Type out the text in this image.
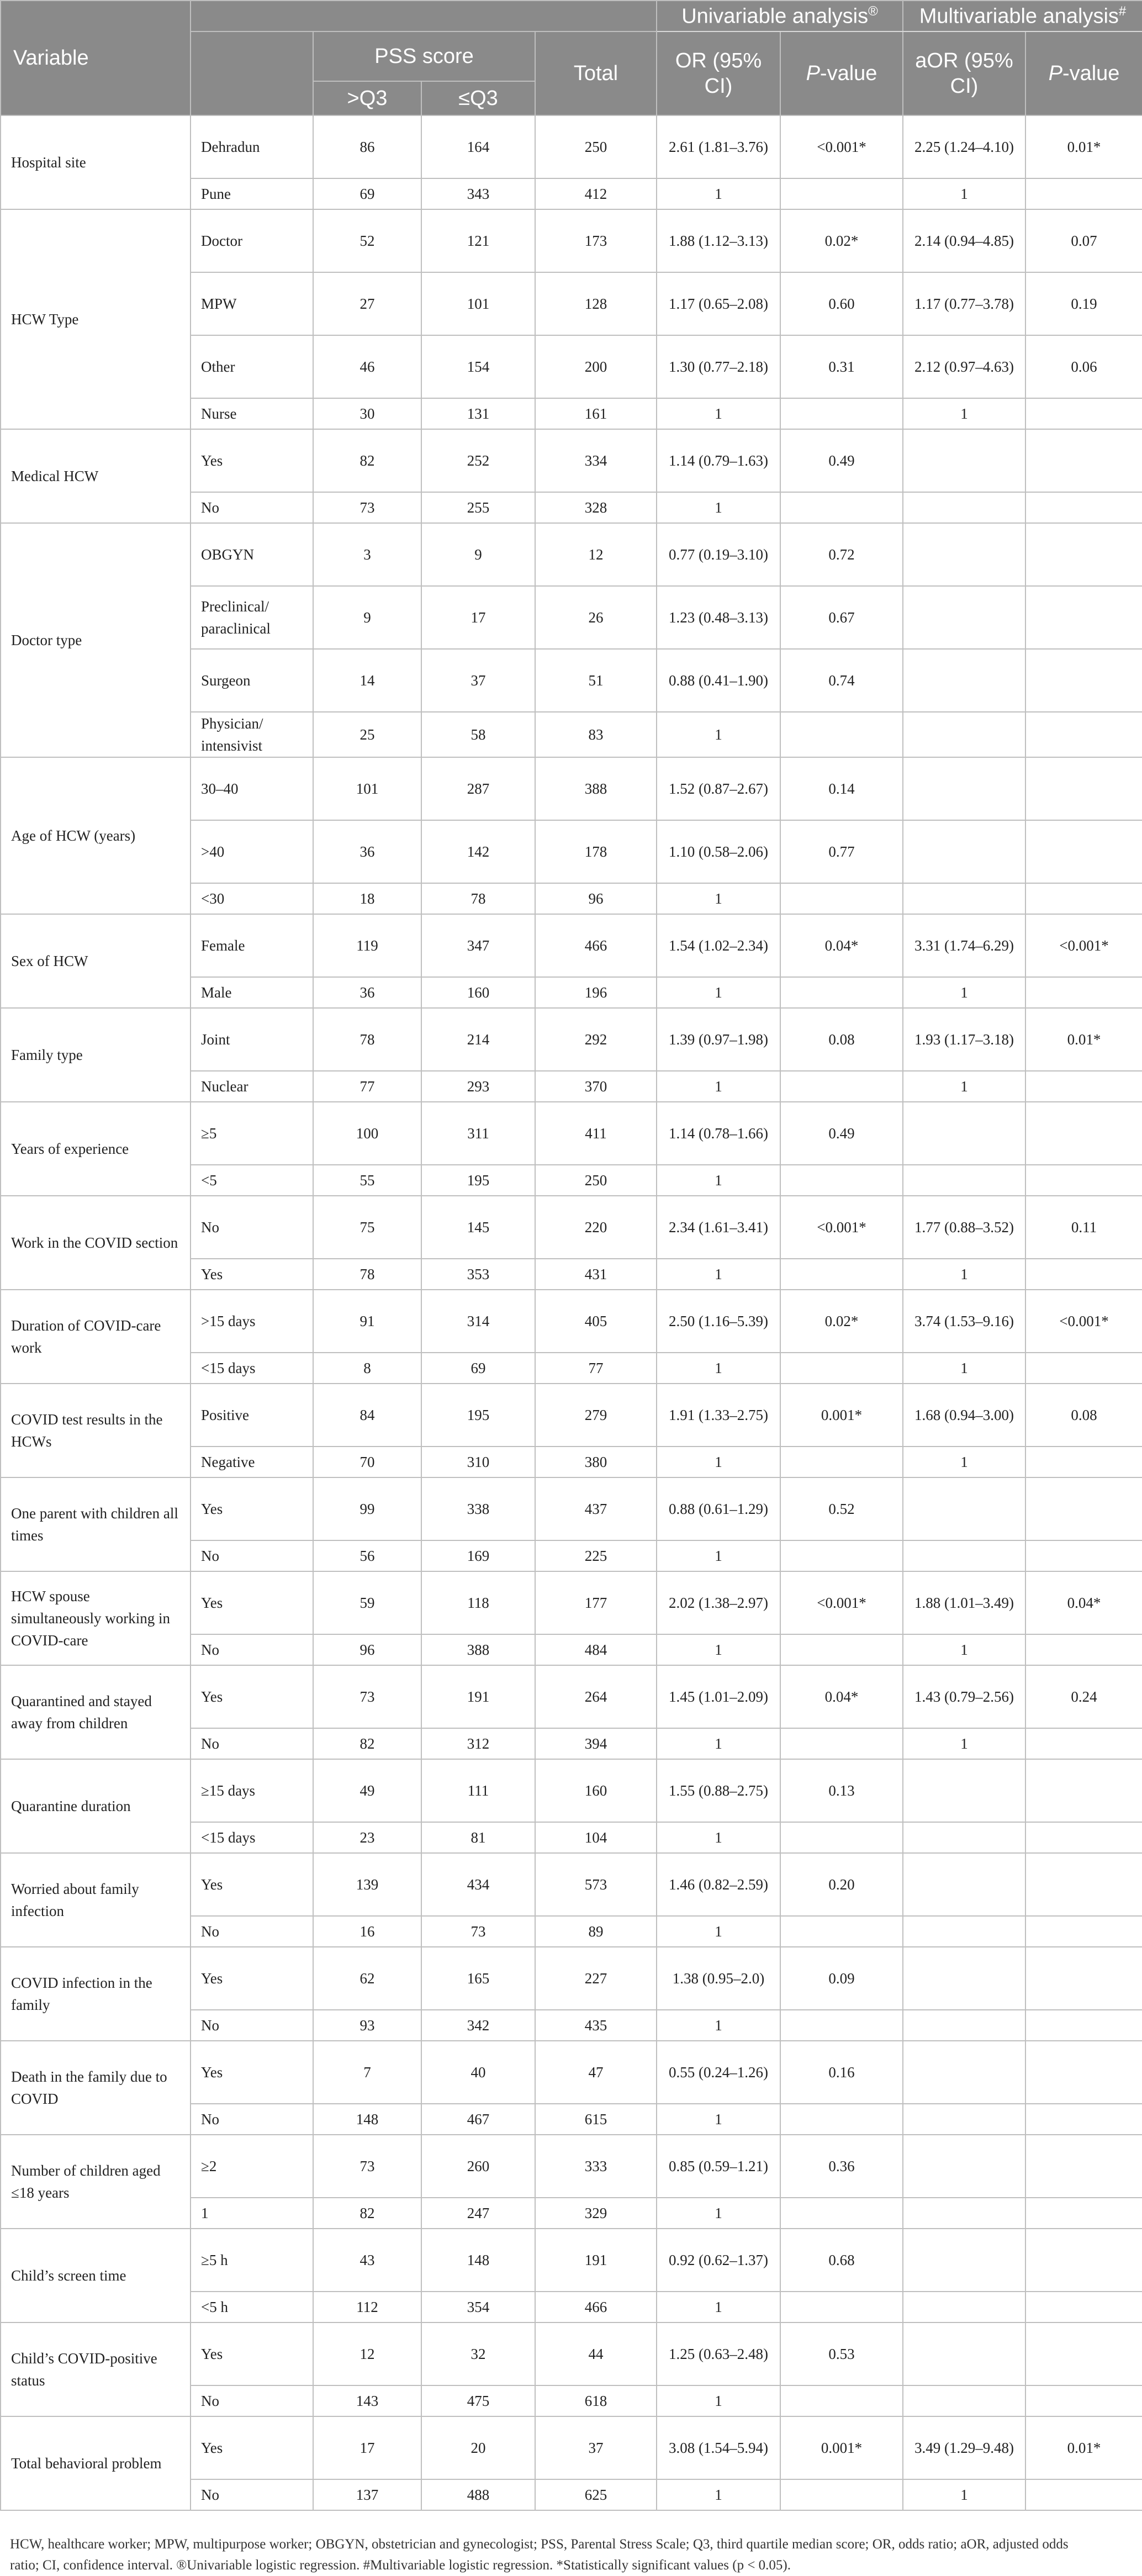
Variable					Univariable analysis®		Multivariable analysis#
		PSS score		Total	OR (95% CI)	P-value	aOR (95% CI)	P-value
		>Q3	≤Q3					
Hospital site	Dehradun	86	164	250	2.61 (1.81–3.76)	<0.001*	2.25 (1.24–4.10)	0.01*
	Pune	69	343	412	1		1	
HCW Type	Doctor	52	121	173	1.88 (1.12–3.13)	0.02*	2.14 (0.94–4.85)	0.07
	MPW	27	101	128	1.17 (0.65–2.08)	0.60	1.17 (0.77–3.78)	0.19
	Other	46	154	200	1.30 (0.77–2.18)	0.31	2.12 (0.97–4.63)	0.06
	Nurse	30	131	161	1		1	
Medical HCW	Yes	82	252	334	1.14 (0.79–1.63)	0.49		
	No	73	255	328	1			
Doctor type	OBGYN	3	9	12	0.77 (0.19–3.10)	0.72		
	Preclinical/ paraclinical	9	17	26	1.23 (0.48–3.13)	0.67		
	Surgeon	14	37	51	0.88 (0.41–1.90)	0.74		
	Physician/ intensivist	25	58	83	1			
Age of HCW (years)	30–40	101	287	388	1.52 (0.87–2.67)	0.14		
	>40	36	142	178	1.10 (0.58–2.06)	0.77		
	<30	18	78	96	1			
Sex of HCW	Female	119	347	466	1.54 (1.02–2.34)	0.04*	3.31 (1.74–6.29)	<0.001*
	Male	36	160	196	1		1	
Family type	Joint	78	214	292	1.39 (0.97–1.98)	0.08	1.93 (1.17–3.18)	0.01*
	Nuclear	77	293	370	1		1	
Years of experience	≥5	100	311	411	1.14 (0.78–1.66)	0.49		
	<5	55	195	250	1			
Work in the COVID section	No	75	145	220	2.34 (1.61–3.41)	<0.001*	1.77 (0.88–3.52)	0.11
	Yes	78	353	431	1		1	
Duration of COVID-care work	>15 days	91	314	405	2.50 (1.16–5.39)	0.02*	3.74 (1.53–9.16)	<0.001*
	<15 days	8	69	77	1		1	
COVID test results in the HCWs	Positive	84	195	279	1.91 (1.33–2.75)	0.001*	1.68 (0.94–3.00)	0.08
	Negative	70	310	380	1		1	
One parent with children all times	Yes	99	338	437	0.88 (0.61–1.29)	0.52		
	No	56	169	225	1			
HCW spouse simultaneously working in COVID-care	Yes	59	118	177	2.02 (1.38–2.97)	<0.001*	1.88 (1.01–3.49)	0.04*
	No	96	388	484	1		1	
Quarantined and stayed away from children	Yes	73	191	264	1.45 (1.01–2.09)	0.04*	1.43 (0.79–2.56)	0.24
	No	82	312	394	1		1	
Quarantine duration	≥15 days	49	111	160	1.55 (0.88–2.75)	0.13		
	<15 days	23	81	104	1			
Worried about family infection	Yes	139	434	573	1.46 (0.82–2.59)	0.20		
	No	16	73	89	1			
COVID infection in the family	Yes	62	165	227	1.38 (0.95–2.0)	0.09		
	No	93	342	435	1			
Death in the family due to COVID	Yes	7	40	47	0.55 (0.24–1.26)	0.16		
	No	148	467	615	1			
Number of children aged ≤18 years	≥2	73	260	333	0.85 (0.59–1.21)	0.36		
	1	82	247	329	1			
Child’s screen time	≥5 h	43	148	191	0.92 (0.62–1.37)	0.68		
	<5 h	112	354	466	1			
Child’s COVID-positive status	Yes	12	32	44	1.25 (0.63–2.48)	0.53		
	No	143	475	618	1			
Total behavioral problem	Yes	17	20	37	3.08 (1.54–5.94)	0.001*	3.49 (1.29–9.48)	0.01*
	No	137	488	625	1		1	
HCW, healthcare worker; MPW, multipurpose worker; OBGYN, obstetrician and gynecologist; PSS, Parental Stress Scale; Q3, third quartile median score; OR, odds ratio; aOR, adjusted odds
ratio; CI, confidence interval. ®Univariable logistic regression. #Multivariable logistic regression. *Statistically significant values (p < 0.05).
